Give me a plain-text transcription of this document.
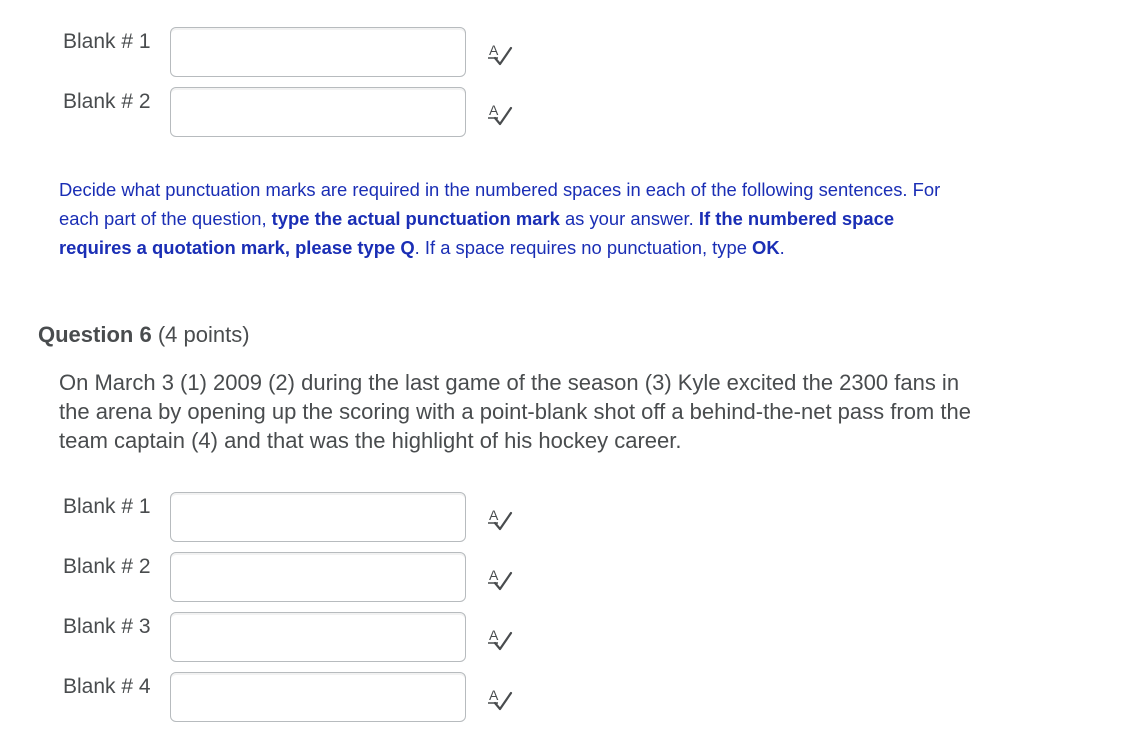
Blank # 1	A
Blank # 2	A
Decide what punctuation marks are required in the numbered spaces in each of the following sentences. For each part of the question, type the actual punctuation mark as your answer. If the numbered space requires a quotation mark, please type Q. If a space requires no punctuation, type OK.
Question 6 (4 points)
On March 3 (1) 2009 (2) during the last game of the season (3) Kyle excited the 2300 fans in the arena by opening up the scoring with a point-blank shot off a behind-the-net pass from the team captain (4) and that was the highlight of his hockey career.
Blank # 1	A
Blank # 2	A
Blank # 3	A
Blank # 4	A
